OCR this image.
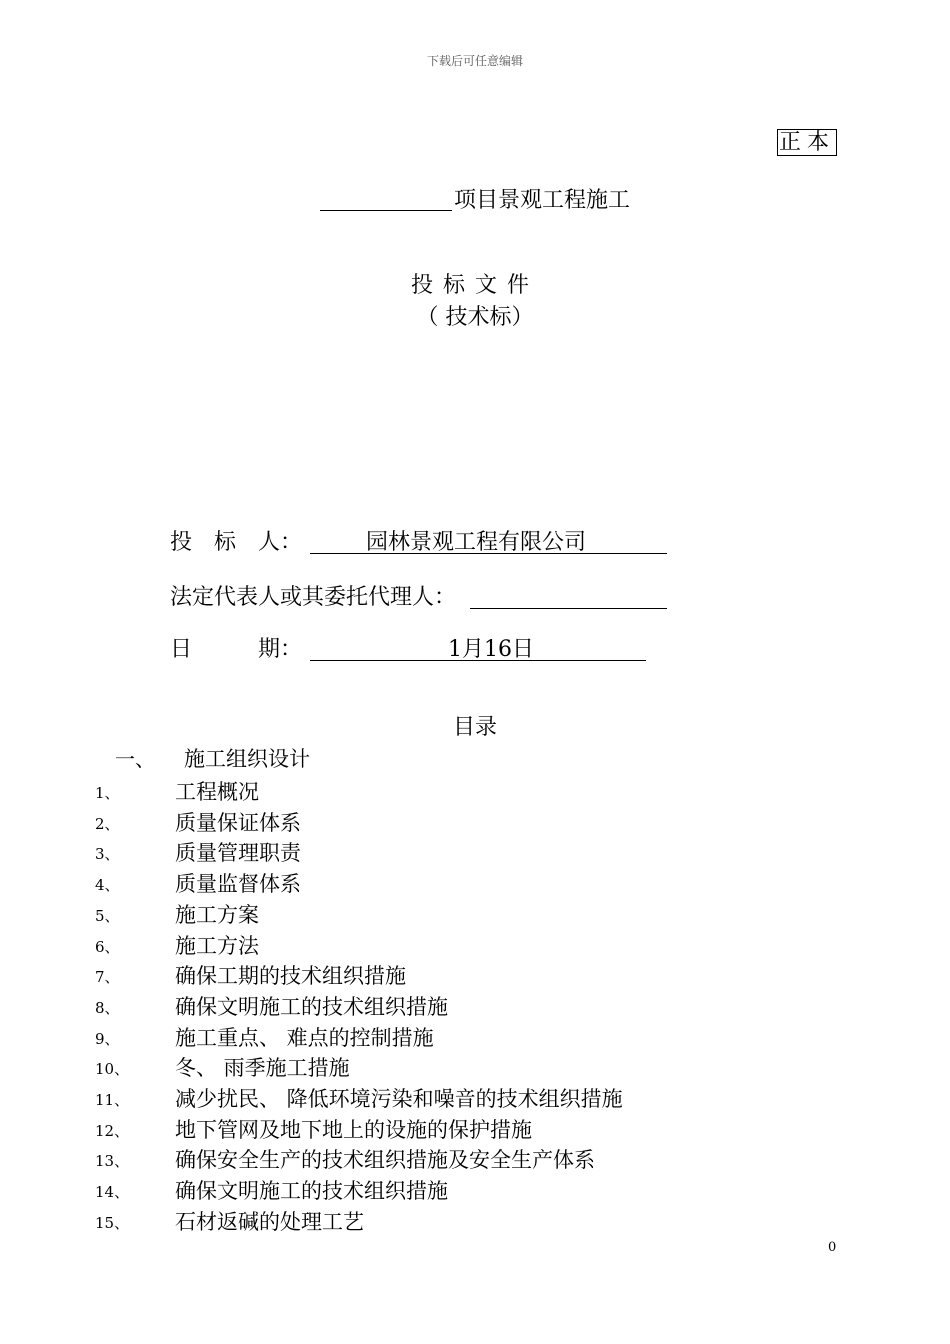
下载后可任意编辑
正本
项目景观工程施工
投标文件
（ 技术标）
投　标　人：	园林景观工程有限公司
法定代表人或其委托代理人：
日　　　期：	1月16日
目录
一、 施工组织设计
1、	工程概况
2、	质量保证体系
3、	质量管理职责
4、	质量监督体系
5、	施工方案
6、	施工方法
7、	确保工期的技术组织措施
8、	确保文明施工的技术组织措施
9、	施工重点、 难点的控制措施
10、 冬、 雨季施工措施
11、 减少扰民、 降低环境污染和噪音的技术组织措施
12、 地下管网及地下地上的设施的保护措施
13、 确保安全生产的技术组织措施及安全生产体系
14、 确保文明施工的技术组织措施
15、 石材返碱的处理工艺
0
